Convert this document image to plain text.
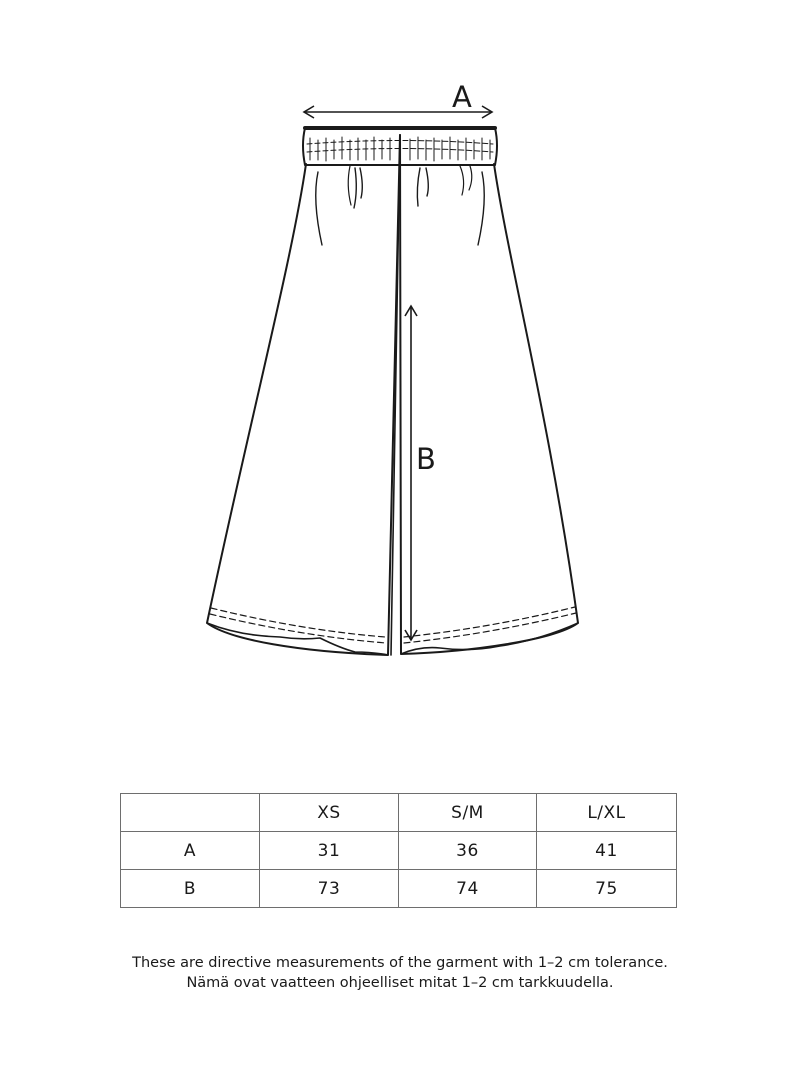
A
B
	XS	S/M	L/XL
A	31	36	41
B	73	74	75
These are directive measurements of the garment with 1–2 cm tolerance.
Nämä ovat vaatteen ohjeelliset mitat 1–2 cm tarkkuudella.
